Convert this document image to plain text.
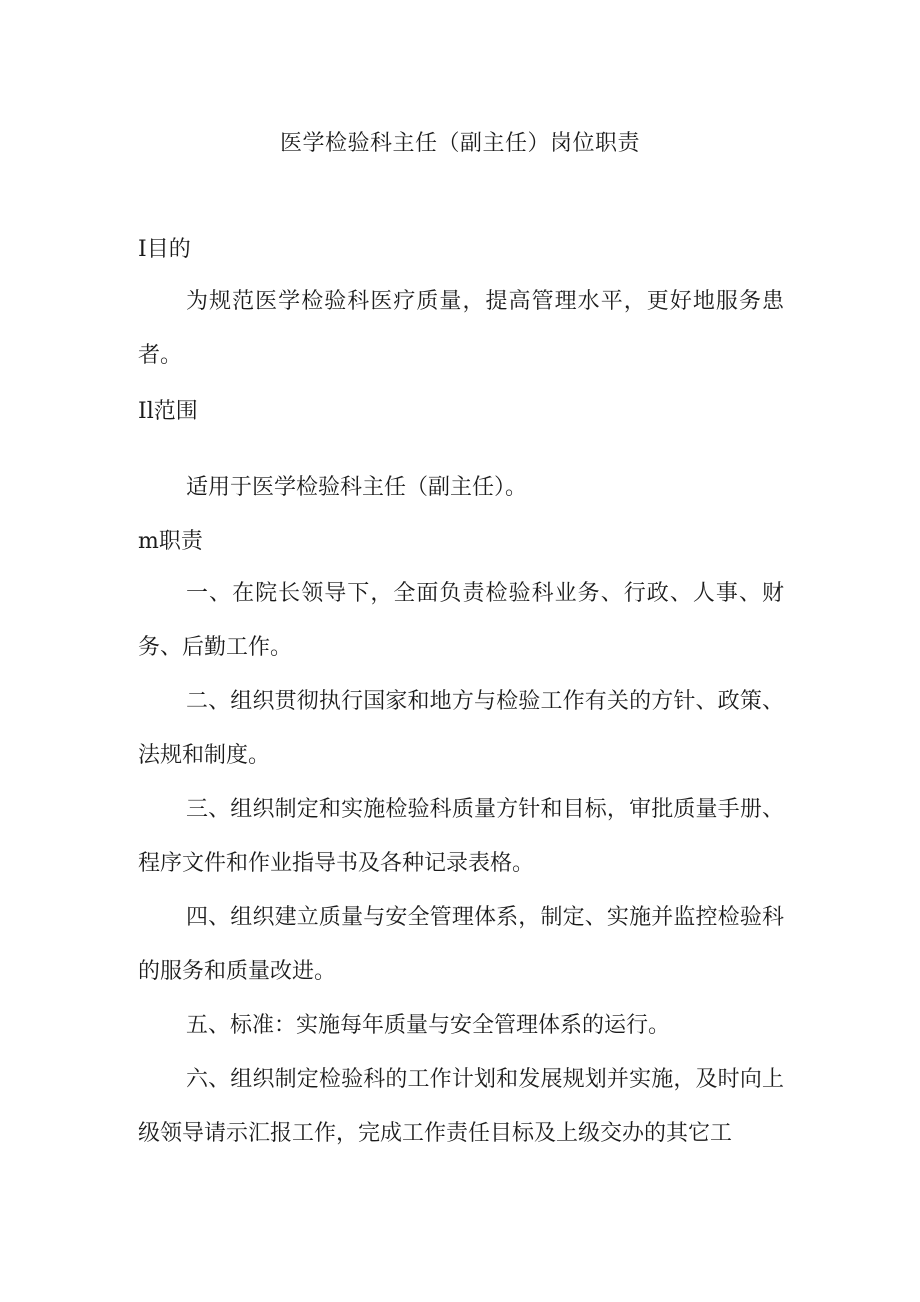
医学检验科主任（副主任）岗位职责
I目的
为规范医学检验科医疗质量，提高管理水平，更好地服务患者。
Il范围
适用于医学检验科主任（副主任）。
m职责
一、在院长领导下，全面负责检验科业务、行政、人事、财务、后勤工作。
二、组织贯彻执行国家和地方与检验工作有关的方针、政策、法规和制度。
三、组织制定和实施检验科质量方针和目标，审批质量手册、程序文件和作业指导书及各种记录表格。
四、组织建立质量与安全管理体系，制定、实施并监控检验科的服务和质量改进。
五、标准：实施每年质量与安全管理体系的运行。
六、组织制定检验科的工作计划和发展规划并实施，及时向上级领导请示汇报工作，完成工作责任目标及上级交办的其它工
